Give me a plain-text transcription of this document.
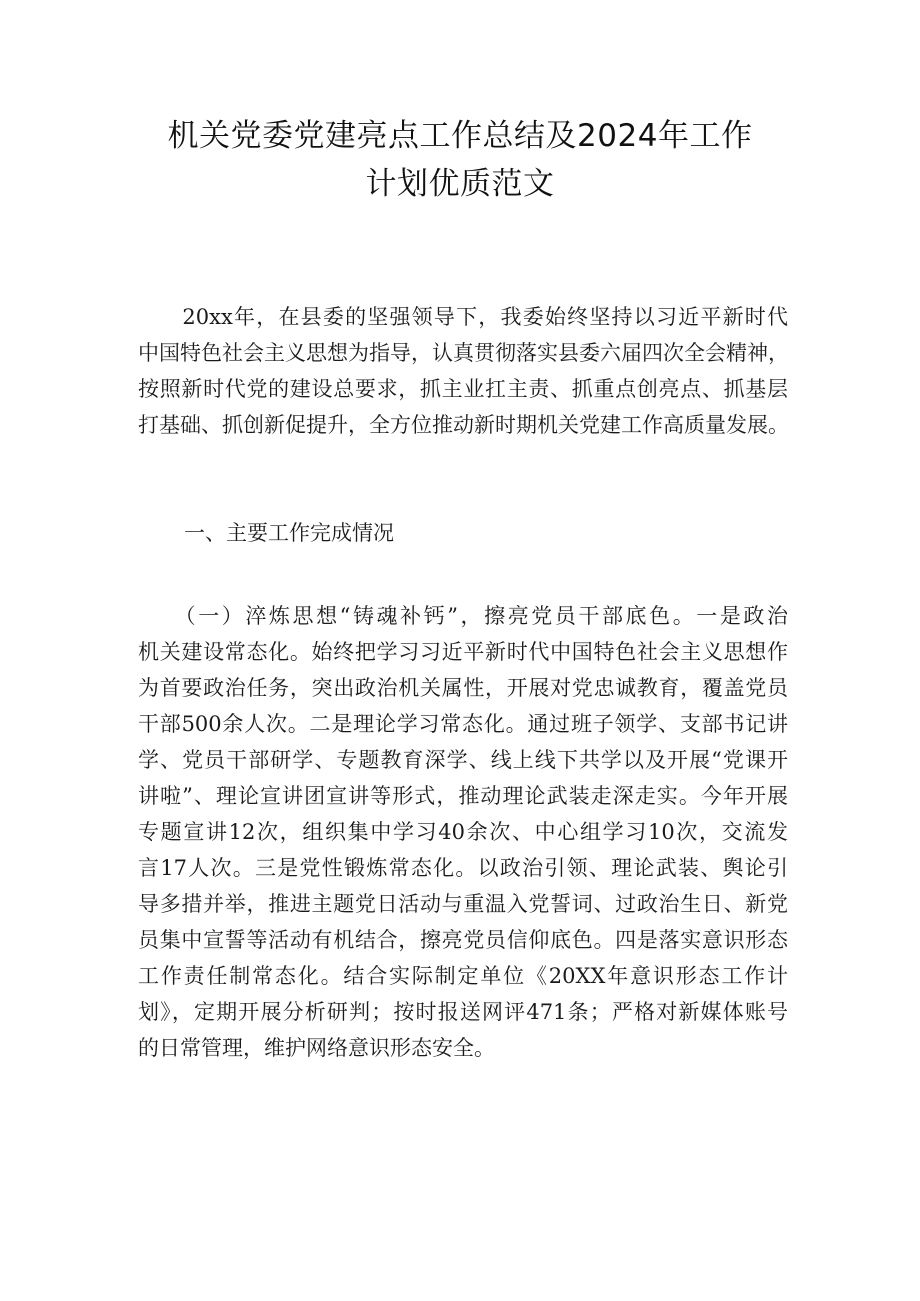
机关党委党建亮点工作总结及2024年工作
计划优质范文
　　20xx年，在县委的坚强领导下，我委始终坚持以习近平新时代
中国特色社会主义思想为指导，认真贯彻落实县委六届四次全会精神，
按照新时代党的建设总要求，抓主业扛主责、抓重点创亮点、抓基层
打基础、抓创新促提升，全方位推动新时期机关党建工作高质量发展。
一、主要工作完成情况
　　（一）淬炼思想“铸魂补钙”，擦亮党员干部底色。一是政治
机关建设常态化。始终把学习习近平新时代中国特色社会主义思想作
为首要政治任务，突出政治机关属性，开展对党忠诚教育，覆盖党员
干部500余人次。二是理论学习常态化。通过班子领学、支部书记讲
学、党员干部研学、专题教育深学、线上线下共学以及开展“党课开
讲啦”、理论宣讲团宣讲等形式，推动理论武装走深走实。今年开展
专题宣讲12次，组织集中学习40余次、中心组学习10次，交流发
言17人次。三是党性锻炼常态化。以政治引领、理论武装、舆论引
导多措并举，推进主题党日活动与重温入党誓词、过政治生日、新党
员集中宣誓等活动有机结合，擦亮党员信仰底色。四是落实意识形态
工作责任制常态化。结合实际制定单位《20XX年意识形态工作计
划》，定期开展分析研判；按时报送网评471条；严格对新媒体账号
的日常管理，维护网络意识形态安全。
